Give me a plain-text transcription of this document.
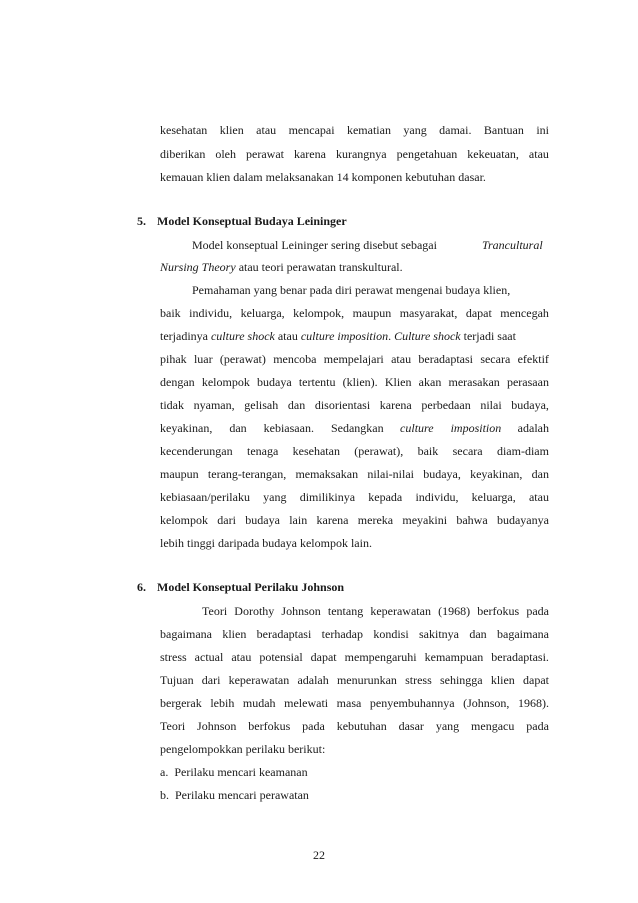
kesehatan klien atau mencapai kematian yang damai. Bantuan ini
diberikan oleh perawat karena kurangnya pengetahuan kekeuatan, atau
kemauan klien dalam melaksanakan 14 komponen kebutuhan dasar.
5. Model Konseptual Budaya Leininger
Model konseptual Leininger sering disebut sebagai	Trancultural
Nursing Theory atau teori perawatan transkultural.
Pemahaman yang benar pada diri perawat mengenai budaya klien,
baik individu, keluarga, kelompok, maupun masyarakat, dapat mencegah
terjadinya culture shock atau culture imposition. Culture shock terjadi saat
pihak luar (perawat) mencoba mempelajari atau beradaptasi secara efektif
dengan kelompok budaya tertentu (klien). Klien akan merasakan perasaan
tidak nyaman, gelisah dan disorientasi karena perbedaan nilai budaya,
keyakinan, dan kebiasaan. Sedangkan culture imposition adalah
kecenderungan tenaga kesehatan (perawat), baik secara diam-diam
maupun terang-terangan, memaksakan nilai-nilai budaya, keyakinan, dan
kebiasaan/perilaku yang dimilikinya kepada individu, keluarga, atau
kelompok dari budaya lain karena mereka meyakini bahwa budayanya
lebih tinggi daripada budaya kelompok lain.
6. Model Konseptual Perilaku Johnson
Teori Dorothy Johnson tentang keperawatan (1968) berfokus pada
bagaimana klien beradaptasi terhadap kondisi sakitnya dan bagaimana
stress actual atau potensial dapat mempengaruhi kemampuan beradaptasi.
Tujuan dari keperawatan adalah menurunkan stress sehingga klien dapat
bergerak lebih mudah melewati masa penyembuhannya (Johnson, 1968).
Teori Johnson berfokus pada kebutuhan dasar yang mengacu pada
pengelompokkan perilaku berikut:
a.  Perilaku mencari keamanan
b.  Perilaku mencari perawatan
22
